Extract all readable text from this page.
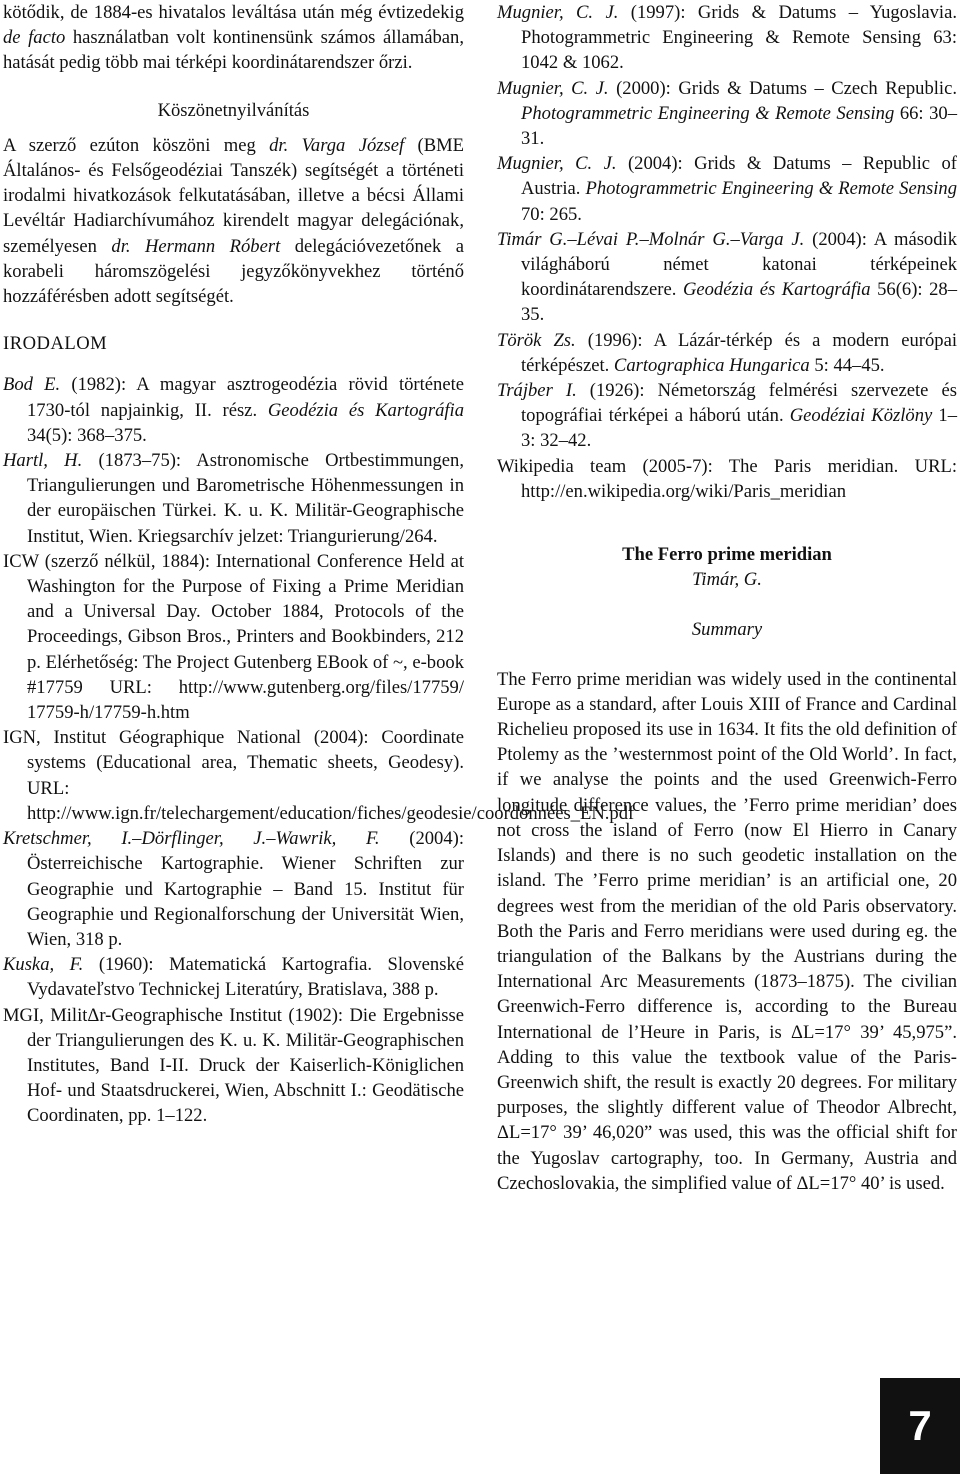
kötődik, de 1884-es hivatalos leváltása után még évtizedekig de facto használatban volt kontinensünk számos államában, hatását pedig több mai térképi koordinátarendszer őrzi.

Köszönetnyilvánítás

A szerző ezúton köszöni meg dr. Varga József (BME Általános- és Felsőgeodéziai Tanszék) segítségét a történeti irodalmi hivatkozások felkutatásában, illetve a bécsi Állami Levéltár Hadiarchívumához kirendelt magyar delegációnak, személyesen dr. Hermann Róbert delegációvezetőnek a korabeli háromszögelési jegyzőkönyvekhez történő hozzáférésben adott segítségét.

IRODALOM

Bod E. (1982): A magyar asztrogeodézia rövid története 1730-tól napjainkig, II. rész. Geodézia és Kartográfia 34(5): 368–375.

Hartl, H. (1873–75): Astronomische Ortbestimmungen, Triangulierungen und Barometrische Höhenmessungen in der europäischen Türkei. K. u. K. Militär-Geographische Institut, Wien. Kriegsarchív jelzet: Triangurierung/264.

ICW (szerző nélkül, 1884): International Conference Held at Washington for the Purpose of Fixing a Prime Meridian and a Universal Day. October 1884, Protocols of the Proceedings, Gibson Bros., Printers and Bookbinders, 212 p. Elérhetőség: The Project Gutenberg EBook of ~, e-book #17759 URL: http://www.gutenberg.org/files/17759/ 17759-h/17759-h.htm

IGN, Institut Géographique National (2004): Coordinate systems (Educational area, Thematic sheets, Geodesy). URL: http://www.ign.fr/telechargement/education/fiches/geodesie/coordonnées_EN.pdf

Kretschmer, I.–Dörflinger, J.–Wawrik, F. (2004): Österreichische Kartographie. Wiener Schriften zur Geographie und Kartographie – Band 15. Institut für Geographie und Regionalforschung der Universität Wien, Wien, 318 p.

Kuska, F. (1960): Matematická Kartografia. Slovenské Vydavateľstvo Technickej Literatúry, Bratislava, 388 p.

MGI, MilitΔr-Geographische Institut (1902): Die Ergebnisse der Triangulierungen des K. u. K. Militär-Geographischen Institutes, Band I-II. Druck der Kaiserlich-Königlichen Hof- und Staatsdruckerei, Wien, Abschnitt I.: Geodätische Coordinaten, pp. 1–122.

Mugnier, C. J. (1997): Grids & Datums – Yugoslavia. Photogrammetric Engineering & Remote Sensing 63: 1042 & 1062.

Mugnier, C. J. (2000): Grids & Datums – Czech Republic. Photogrammetric Engineering & Remote Sensing 66: 30–31.

Mugnier, C. J. (2004): Grids & Datums – Republic of Austria. Photogrammetric Engineering & Remote Sensing 70: 265.

Timár G.–Lévai P.–Molnár G.–Varga J. (2004): A második világháború német katonai térképeinek koordinátarendszere. Geodézia és Kartográfia 56(6): 28–35.

Török Zs. (1996): A Lázár-térkép és a modern európai térképészet. Cartographica Hungarica 5: 44–45.

Trájber I. (1926): Németország felmérési szervezete és topográfiai térképei a háború után. Geodéziai Közlöny 1–3: 32–42.

Wikipedia team (2005-7): The Paris meridian. URL: http://en.wikipedia.org/wiki/Paris_meridian

The Ferro prime meridian

Timár, G.

Summary

The Ferro prime meridian was widely used in the continental Europe as a standard, after Louis XIII of France and Cardinal Richelieu proposed its use in 1634. It fits the old definition of Ptolemy as the ’westernmost point of the Old World’. In fact, if we analyse the points and the used Greenwich-Ferro longitude difference values, the ’Ferro prime meridian’ does not cross the island of Ferro (now El Hierro in Canary Islands) and there is no such geodetic installation on the island. The ’Ferro prime meridian’ is an artificial one, 20 degrees west from the meridian of the old Paris observatory. Both the Paris and Ferro meridians were used during eg. the triangulation of the Balkans by the Austrians during the International Arc Measurements (1873–1875). The civilian Greenwich-Ferro difference is, according to the Bureau International de l’Heure in Paris, is ΔL=17° 39’ 45,975”. Adding to this value the textbook value of the Paris-Greenwich shift, the result is exactly 20 degrees. For military purposes, the slightly different value of Theodor Albrecht, ΔL=17° 39’ 46,020” was used, this was the official shift for the Yugoslav cartography, too. In Germany, Austria and Czechoslovakia, the simplified value of ΔL=17° 40’ is used.

7
